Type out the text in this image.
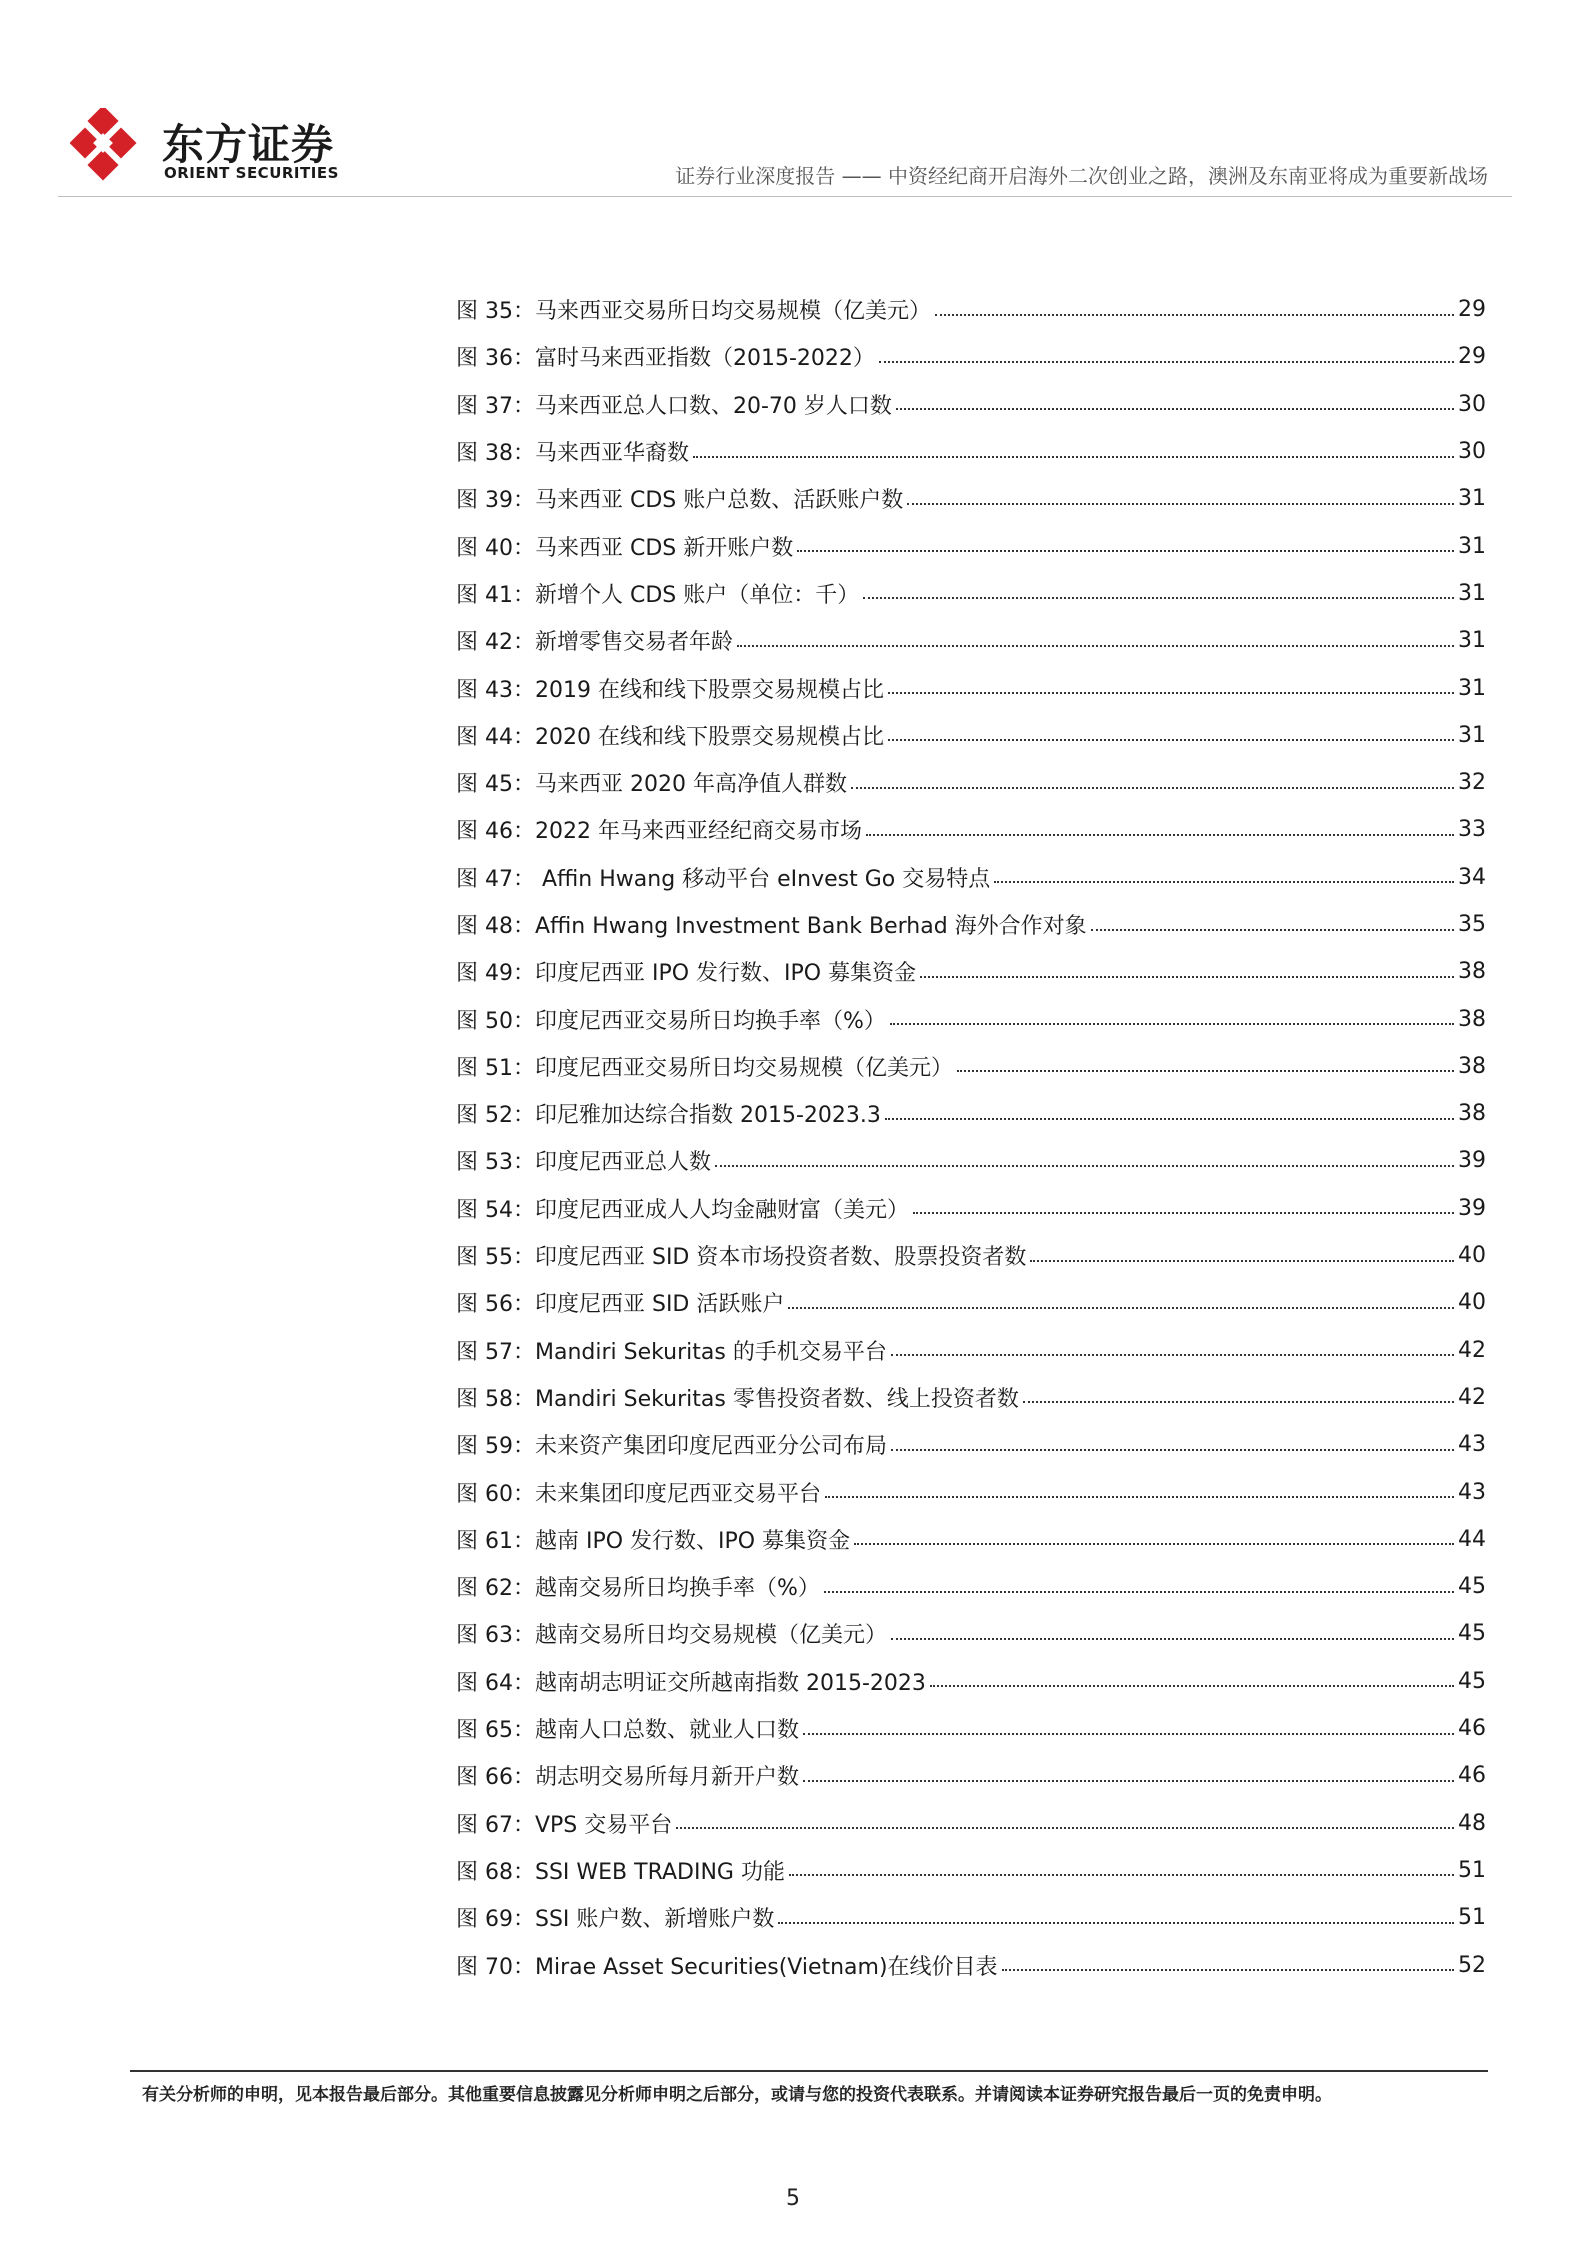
东方证券
ORIENT SECURITIES	证券行业深度报告 —— 中资经纪商开启海外二次创业之路，澳洲及东南亚将成为重要新战场
图 35：马来西亚交易所日均交易规模（亿美元）	29
图 36：富时马来西亚指数（2015-2022）	29
图 37：马来西亚总人口数、20-70 岁人口数	30
图 38：马来西亚华裔数	30
图 39：马来西亚 CDS 账户总数、活跃账户数	31
图 40：马来西亚 CDS 新开账户数	31
图 41：新增个人 CDS 账户（单位：千）	31
图 42：新增零售交易者年龄	31
图 43：2019 在线和线下股票交易规模占比	31
图 44：2020 在线和线下股票交易规模占比	31
图 45：马来西亚 2020 年高净值人群数	32
图 46：2022 年马来西亚经纪商交易市场	33
图 47： Affin Hwang 移动平台 eInvest Go 交易特点	34
图 48：Affin Hwang Investment Bank Berhad 海外合作对象	35
图 49：印度尼西亚 IPO 发行数、IPO 募集资金	38
图 50：印度尼西亚交易所日均换手率（%）	38
图 51：印度尼西亚交易所日均交易规模（亿美元）	38
图 52：印尼雅加达综合指数 2015-2023.3	38
图 53：印度尼西亚总人数	39
图 54：印度尼西亚成人人均金融财富（美元）	39
图 55：印度尼西亚 SID 资本市场投资者数、股票投资者数	40
图 56：印度尼西亚 SID 活跃账户	40
图 57：Mandiri Sekuritas 的手机交易平台	42
图 58：Mandiri Sekuritas 零售投资者数、线上投资者数	42
图 59：未来资产集团印度尼西亚分公司布局	43
图 60：未来集团印度尼西亚交易平台	43
图 61：越南 IPO 发行数、IPO 募集资金	44
图 62：越南交易所日均换手率（%）	45
图 63：越南交易所日均交易规模（亿美元）	45
图 64：越南胡志明证交所越南指数 2015-2023	45
图 65：越南人口总数、就业人口数	46
图 66：胡志明交易所每月新开户数	46
图 67：VPS 交易平台	48
图 68：SSI WEB TRADING 功能	51
图 69：SSI 账户数、新增账户数	51
图 70：Mirae Asset Securities(Vietnam)在线价目表	52
有关分析师的申明，见本报告最后部分。其他重要信息披露见分析师申明之后部分，或请与您的投资代表联系。并请阅读本证券研究报告最后一页的免责申明。
5
